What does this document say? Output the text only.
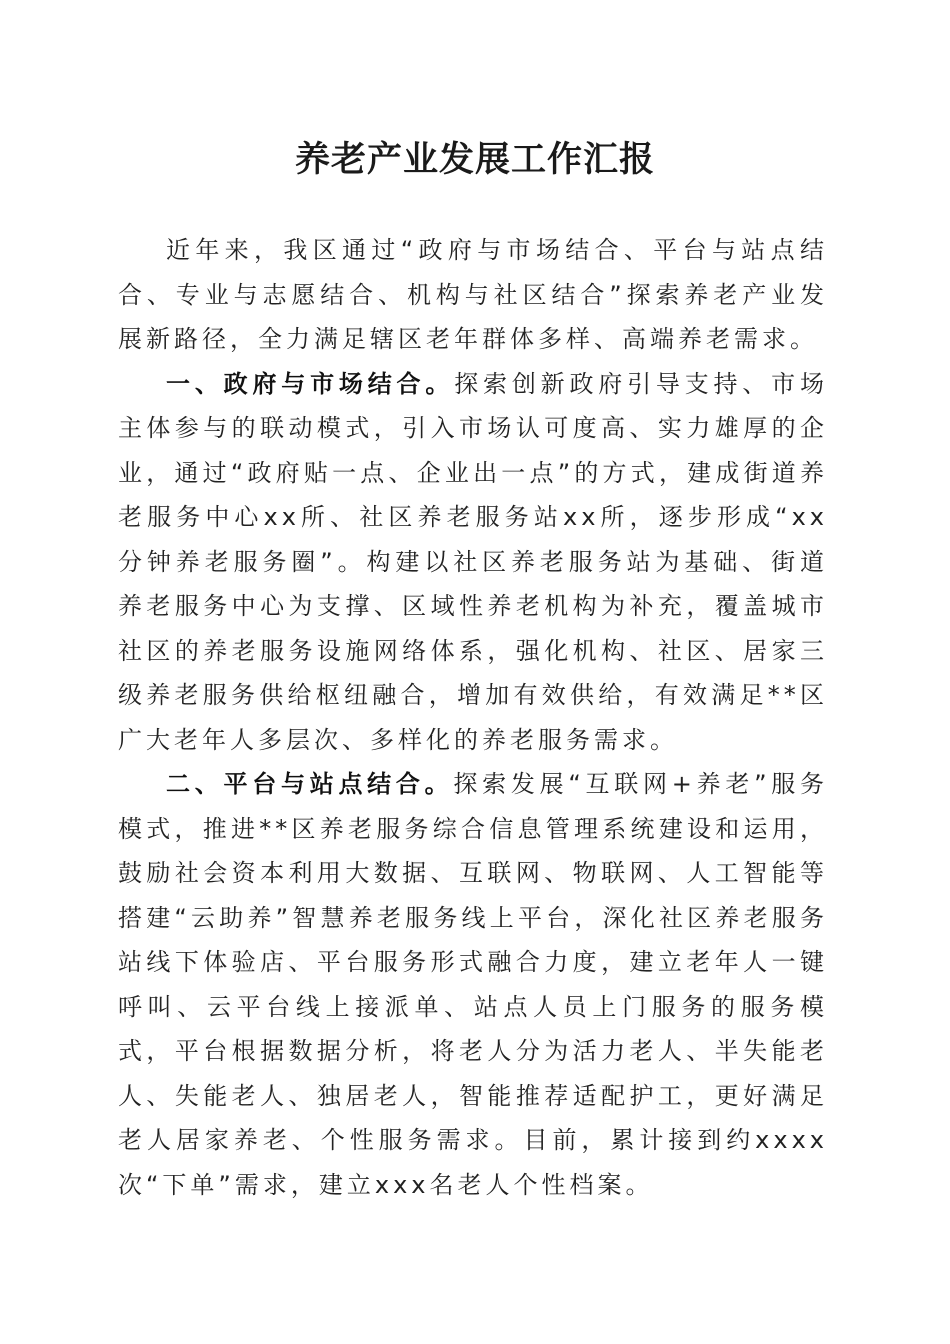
养老产业发展工作汇报

近年来，我区通过“政府与市场结合、平台与站点结合、专业与志愿结合、机构与社区结合”探索养老产业发展新路径，全力满足辖区老年群体多样、高端养老需求。

一、政府与市场结合。探索创新政府引导支持、市场主体参与的联动模式，引入市场认可度高、实力雄厚的企业，通过“政府贴一点、企业出一点”的方式，建成街道养老服务中心xx所、社区养老服务站xx所，逐步形成“xx分钟养老服务圈”。构建以社区养老服务站为基础、街道养老服务中心为支撑、区域性养老机构为补充，覆盖城市社区的养老服务设施网络体系，强化机构、社区、居家三级养老服务供给枢纽融合，增加有效供给，有效满足**区广大老年人多层次、多样化的养老服务需求。

二、平台与站点结合。探索发展“互联网+养老”服务模式，推进**区养老服务综合信息管理系统建设和运用，鼓励社会资本利用大数据、互联网、物联网、人工智能等搭建“云助养”智慧养老服务线上平台，深化社区养老服务站线下体验店、平台服务形式融合力度，建立老年人一键呼叫、云平台线上接派单、站点人员上门服务的服务模式，平台根据数据分析，将老人分为活力老人、半失能老人、失能老人、独居老人，智能推荐适配护工，更好满足老人居家养老、个性服务需求。目前，累计接到约xxxx次“下单”需求，建立xxx名老人个性档案。
